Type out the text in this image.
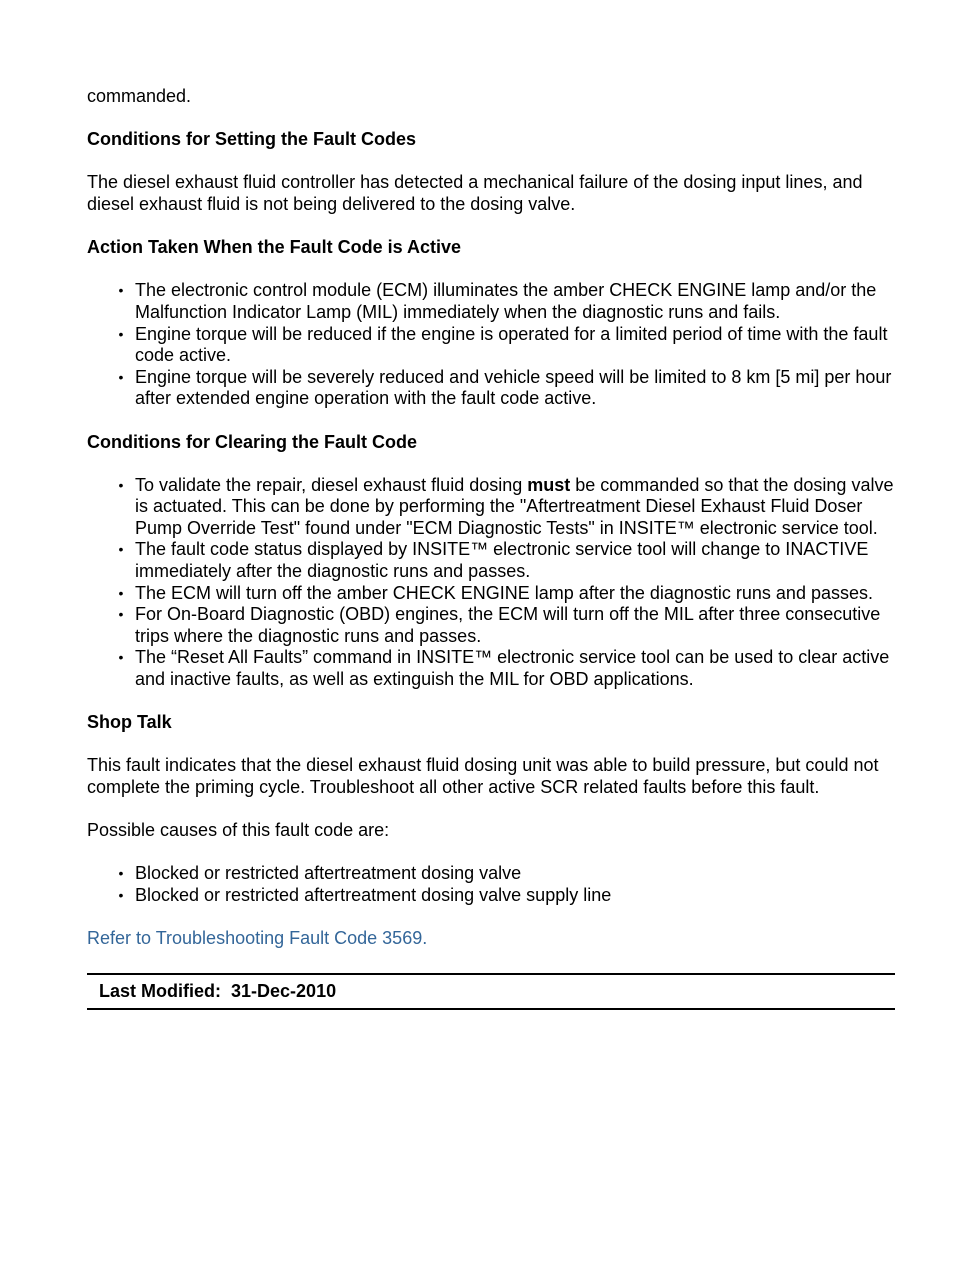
commanded.

Conditions for Setting the Fault Codes

The diesel exhaust fluid controller has detected a mechanical failure of the dosing input lines, and diesel exhaust fluid is not being delivered to the dosing valve.

Action Taken When the Fault Code is Active
• The electronic control module (ECM) illuminates the amber CHECK ENGINE lamp and/or the Malfunction Indicator Lamp (MIL) immediately when the diagnostic runs and fails.
• Engine torque will be reduced if the engine is operated for a limited period of time with the fault code active.
• Engine torque will be severely reduced and vehicle speed will be limited to 8 km [5 mi] per hour after extended engine operation with the fault code active.
Conditions for Clearing the Fault Code
• To validate the repair, diesel exhaust fluid dosing must be commanded so that the dosing valve is actuated. This can be done by performing the "Aftertreatment Diesel Exhaust Fluid Doser Pump Override Test" found under "ECM Diagnostic Tests" in INSITE™ electronic service tool.
• The fault code status displayed by INSITE™ electronic service tool will change to INACTIVE immediately after the diagnostic runs and passes.
• The ECM will turn off the amber CHECK ENGINE lamp after the diagnostic runs and passes.
• For On-Board Diagnostic (OBD) engines, the ECM will turn off the MIL after three consecutive trips where the diagnostic runs and passes.
• The “Reset All Faults” command in INSITE™ electronic service tool can be used to clear active and inactive faults, as well as extinguish the MIL for OBD applications.
Shop Talk

This fault indicates that the diesel exhaust fluid dosing unit was able to build pressure, but could not complete the priming cycle. Troubleshoot all other active SCR related faults before this fault.

Possible causes of this fault code are:

• Blocked or restricted aftertreatment dosing valve
• Blocked or restricted aftertreatment dosing valve supply line

Refer to Troubleshooting Fault Code 3569.

Last Modified: 31-Dec-2010
